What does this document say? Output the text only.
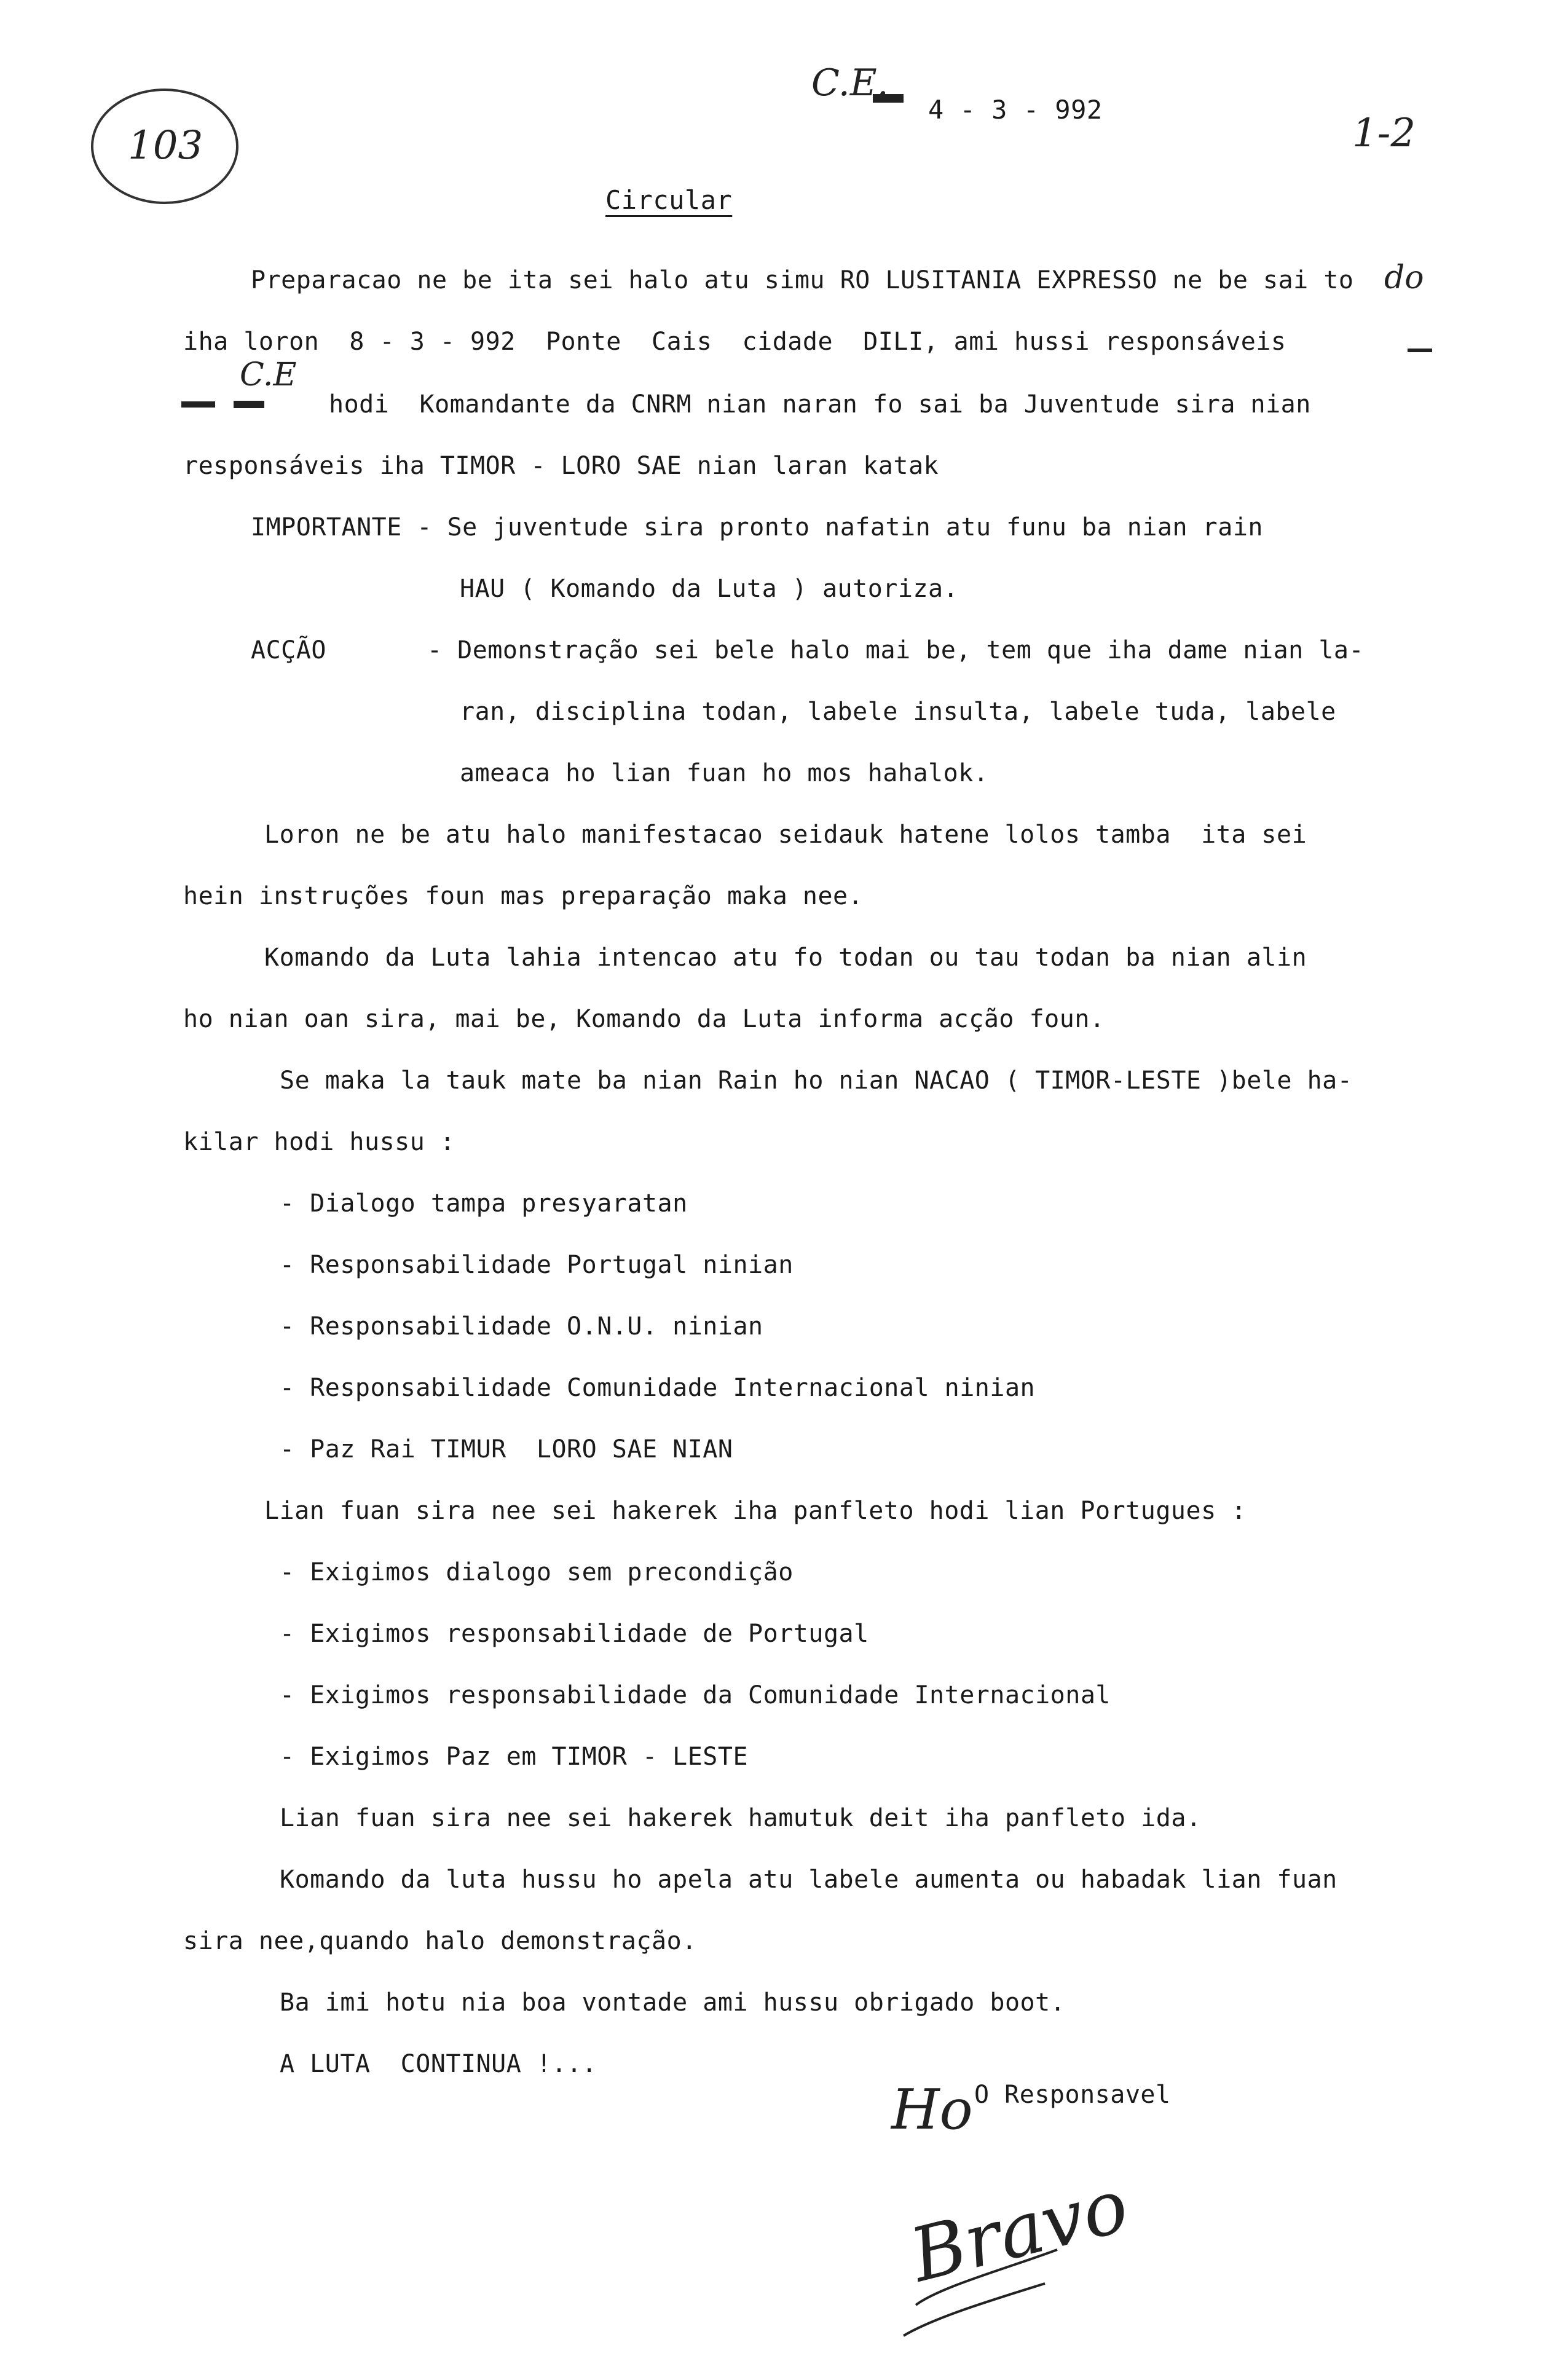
103
C.E.
4 - 3 - 992
1-2
Circular
Preparacao ne be ita sei halo atu simu RO LUSITANIA EXPRESSO ne be sai to do
iha loron  8 - 3 - 992  Ponte  Cais  cidade  DILI, ami hussi responsáveis
C.E
hodi  Komandante da CNRM nian naran fo sai ba Juventude sira nian
responsáveis iha TIMOR - LORO SAE nian laran katak
IMPORTANTE - Se juventude sira pronto nafatin atu funu ba nian rain
HAU ( Komando da Luta ) autoriza.
ACÇÃO	- Demonstração sei bele halo mai be, tem que iha dame nian la-
ran, disciplina todan, labele insulta, labele tuda, labele
ameaca ho lian fuan ho mos hahalok.
Loron ne be atu halo manifestacao seidauk hatene lolos tamba  ita sei
hein instruções foun mas preparação maka nee.
Komando da Luta lahia intencao atu fo todan ou tau todan ba nian alin
ho nian oan sira, mai be, Komando da Luta informa acção foun.
Se maka la tauk mate ba nian Rain ho nian NACAO ( TIMOR-LESTE )bele ha-
kilar hodi hussu :
- Dialogo tampa presyaratan
- Responsabilidade Portugal ninian
- Responsabilidade O.N.U. ninian
- Responsabilidade Comunidade Internacional ninian
- Paz Rai TIMUR  LORO SAE NIAN
Lian fuan sira nee sei hakerek iha panfleto hodi lian Portugues :
- Exigimos dialogo sem precondição
- Exigimos responsabilidade de Portugal
- Exigimos responsabilidade da Comunidade Internacional
- Exigimos Paz em TIMOR - LESTE
Lian fuan sira nee sei hakerek hamutuk deit iha panfleto ida.
Komando da luta hussu ho apela atu labele aumenta ou habadak lian fuan
sira nee,quando halo demonstração.
Ba imi hotu nia boa vontade ami hussu obrigado boot.
A LUTA  CONTINUA !...
O Responsavel
Ho
Bravo
